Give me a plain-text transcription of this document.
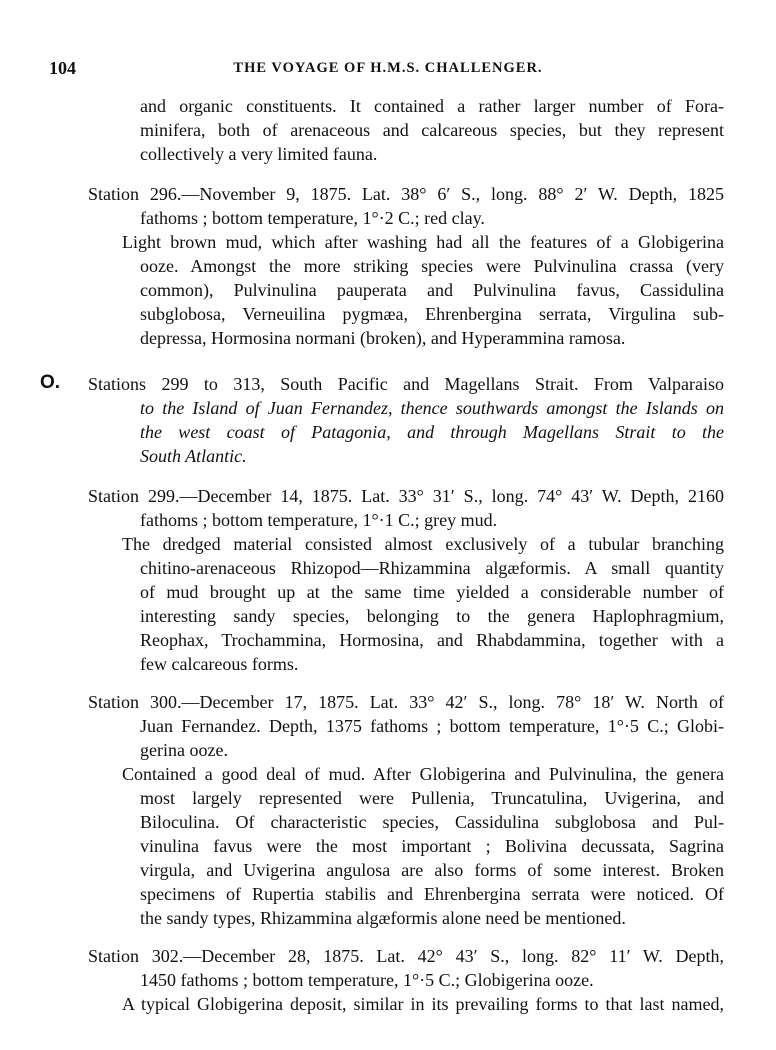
104	THE VOYAGE OF H.M.S. CHALLENGER.
O.
and organic constituents. It contained a rather larger number of Fora-
minifera, both of arenaceous and calcareous species, but they represent
collectively a very limited fauna.
Station 296.—November 9, 1875. Lat. 38° 6′ S., long. 88° 2′ W. Depth, 1825
fathoms ; bottom temperature, 1°·2 C.; red clay.
Light brown mud, which after washing had all the features of a Globigerina
ooze. Amongst the more striking species were Pulvinulina crassa (very
common), Pulvinulina pauperata and Pulvinulina favus, Cassidulina
subglobosa, Verneuilina pygmæa, Ehrenbergina serrata, Virgulina sub-
depressa, Hormosina normani (broken), and Hyperammina ramosa.
Stations 299 to 313, South Pacific and Magellans Strait. From Valparaiso
to the Island of Juan Fernandez, thence southwards amongst the Islands on
the west coast of Patagonia, and through Magellans Strait to the
South Atlantic.
Station 299.—December 14, 1875. Lat. 33° 31′ S., long. 74° 43′ W. Depth, 2160
fathoms ; bottom temperature, 1°·1 C.; grey mud.
The dredged material consisted almost exclusively of a tubular branching
chitino-arenaceous Rhizopod—Rhizammina algæformis. A small quantity
of mud brought up at the same time yielded a considerable number of
interesting sandy species, belonging to the genera Haplophragmium,
Reophax, Trochammina, Hormosina, and Rhabdammina, together with a
few calcareous forms.
Station 300.—December 17, 1875. Lat. 33° 42′ S., long. 78° 18′ W. North of
Juan Fernandez. Depth, 1375 fathoms ; bottom temperature, 1°·5 C.; Globi-
gerina ooze.
Contained a good deal of mud. After Globigerina and Pulvinulina, the genera
most largely represented were Pullenia, Truncatulina, Uvigerina, and
Biloculina. Of characteristic species, Cassidulina subglobosa and Pul-
vinulina favus were the most important ; Bolivina decussata, Sagrina
virgula, and Uvigerina angulosa are also forms of some interest. Broken
specimens of Rupertia stabilis and Ehrenbergina serrata were noticed. Of
the sandy types, Rhizammina algæformis alone need be mentioned.
Station 302.—December 28, 1875. Lat. 42° 43′ S., long. 82° 11′ W. Depth,
1450 fathoms ; bottom temperature, 1°·5 C.; Globigerina ooze.
A typical Globigerina deposit, similar in its prevailing forms to that last named,
